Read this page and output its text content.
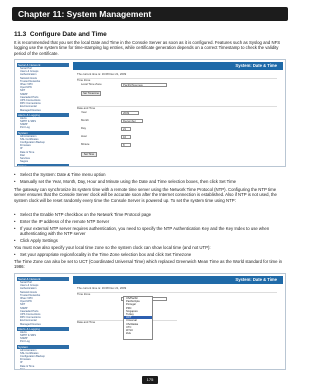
Chapter 11: System Management
11.3 Configure Date and Time
It is recommended that you set the local Date and Time in the Console Server as soon as it is configured. Features such as Syslog and NFS logging use the system time for time-stamping log entries, while certificate generation depends on a correct Timestamp to check the validity period of the certificate.
Serial & Network
Serial Port
Users & Groups
Authentication
Network Hosts
Trusted Networks
IPsec VPN
OpenVPN
SDT
SNMP
Cascaded Ports
UPS Connections
RPC Connections
Environmental
Managed Devices
Alerts & Logging
Alerts
SMTP & SMS
SNMP
Port Log
System
Administration
SSL Certificates
Configuration Backup
Firmware
IP
Date & Time
Dial
Services
Nagios
Status
System: Date & Time
The current time is: 16:08 Dec 21, 2009
Time Zone
Local Time Zone	Pacific/Noumea
Set Timezone
Date and Time
Year	2009
Month	December
Day	21
Hour	16
Minute	8
Set Time
• Select the System: Date & Time menu option
• Manually set the Year, Month, Day, Hour and Minute using the Date and Time selection boxes, then click Set Time
The gateway can synchronize its system time with a remote time server using the Network Time Protocol (NTP). Configuring the NTP time server ensures that the Console Server clock will be accurate soon after the Internet connection is established. Also if NTP is not used, the system clock will be reset randomly every time the Console Server is powered up. To set the system time using NTP:
• Select the Enable NTP checkbox on the Network Time Protocol page
• Enter the IP address of the remote NTP Server
• If your external NTP server requires authentication, you need to specify the NTP Authentication Key and the Key Index to use when authenticating with the NTP server
• Click Apply Settings
You must now also specify your local time zone so the system clock can show local time (and not UTP):
• Set your appropriate region/locality in the Time Zone selection box and click Set Timezone
The Time Zone can also be set to UCT (Coordinated Universal Time) which replaced Greenwich Mean Time as the World standard for time in 1986:
Serial & Network
Serial Port
Users & Groups
Authentication
Network Hosts
Trusted Networks
IPsec VPN
OpenVPN
SDT
SNMP
Cascaded Ports
UPS Connections
RPC Connections
Environmental
Managed Devices
Alerts & Logging
Alerts
SMTP & SMS
SNMP
Port Log
System
Administration
SSL Certificates
Configuration Backup
Firmware
IP
Date & Time
Dial
System: Date & Time
The current time is: 16:08 Dec 21, 2009
Time Zone
Date and Time
US/Pacific
Pacific/Apia
Portugal
PRC
Singapore
Turkey
UCT
Universal
US/Alaska
UTC
W-SU
Zulu
175
